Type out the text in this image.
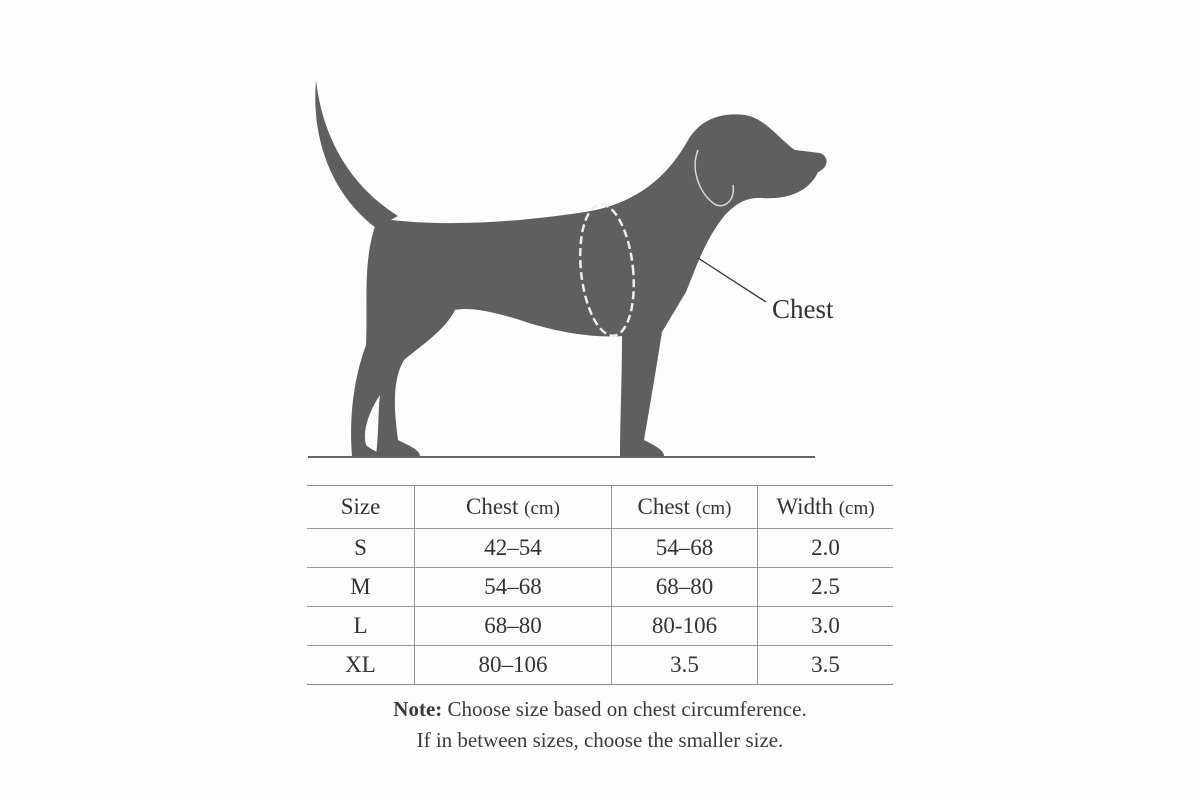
Chest
Size	Chest (cm)	Chest (cm)	Width (cm)
S	42–54	54–68	2.0
M	54–68	68–80	2.5
L	68–80	80-106	3.0
XL	80–106	3.5	3.5
Note: Choose size based on chest circumference.
If in between sizes, choose the smaller size.
